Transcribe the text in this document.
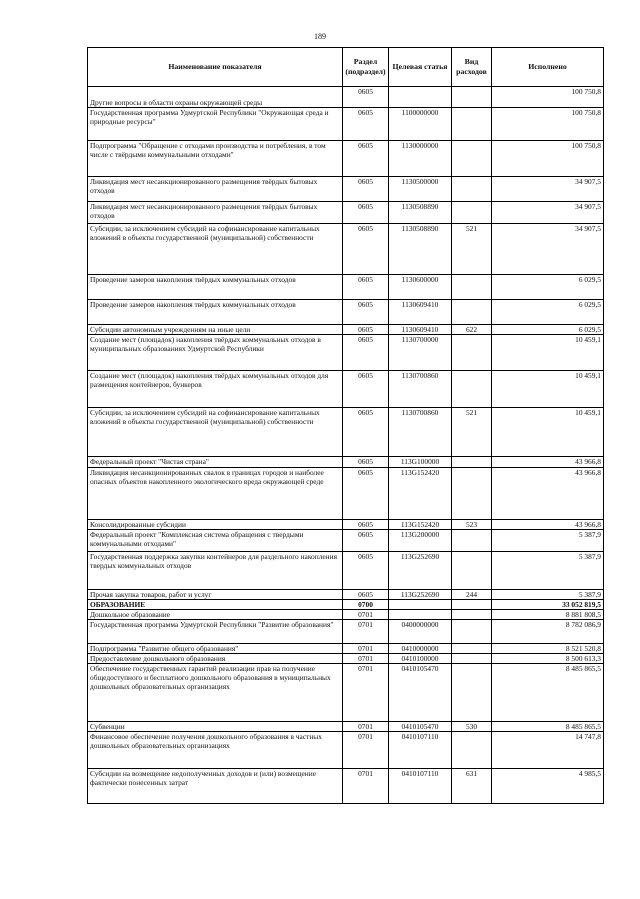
189
Наименование показателя	Раздел (подраздел)	Целевая статья	Вид расходов	Исполнено
Другие вопросы в области охраны окружающей среды	0605			100 750,8
Государственная программа Удмуртской Республики "Окружающая среда и природные ресурсы"	0605	1100000000		100 750,8
Подпрограмма "Обращение с отходами производства и потребления, в том числе с твёрдыми коммунальными отходами"	0605	1130000000		100 750,8
Ликвидация мест несанкционированного размещения твёрдых бытовых отходов	0605	1130500000		34 907,5
Ликвидация мест несанкционированного размещения твёрдых бытовых отходов	0605	1130508890		34 907,5
Субсидии, за исключением субсидий на софинансирование капитальных вложений в объекты государственной (муниципальной) собственности	0605	1130508890	521	34 907,5
Проведение замеров накопления твёрдых коммунальных отходов	0605	1130600000		6 029,5
Проведение замеров накопления твёрдых коммунальных отходов	0605	1130609410		6 029,5
Субсидии автономным учреждениям на иные цели	0605	1130609410	622	6 029,5
Создание мест (площадок) накопления твёрдых коммунальных отходов в муниципальных образованиях Удмуртской Республики	0605	1130700000		10 459,1
Создание мест (площадок) накопления твёрдых коммунальных отходов для размещения контейнеров, бункеров	0605	1130700860		10 459,1
Субсидии, за исключением субсидий на софинансирование капитальных вложений в объекты государственной (муниципальной) собственности	0605	1130700860	521	10 459,1
Федеральный проект "Чистая страна"	0605	113G100000		43 966,8
Ликвидация несанкционированных свалок в границах городов и наиболее опасных объектов накопленного экологического вреда окружающей среде	0605	113G152420		43 966,8
Консолидированные субсидии	0605	113G152420	523	43 966,8
Федеральный проект "Комплексная система обращения с твердыми коммунальными отходами"	0605	113G200000		5 387,9
Государственная поддержка закупки контейнеров для раздельного накопления твердых коммунальных отходов	0605	113G252690		5 387,9
Прочая закупка товаров, работ и услуг	0605	113G252690	244	5 387,9
ОБРАЗОВАНИЕ	0700			33 052 819,5
Дошкольное образование	0701			8 881 808,5
Государственная программа Удмуртской Республики "Развитие образования"	0701	0400000000		8 782 086,9
Подпрограмма "Развитие общего образования"	0701	0410000000		8 521 520,8
Предоставление дошкольного образования	0701	0410100000		8 500 613,3
Обеспечение государственных гарантий реализации прав на получение общедоступного и бесплатного дошкольного образования в муниципальных дошкольных образовательных организациях	0701	0410105470		8 485 865,5
Субвенции	0701	0410105470	530	8 485 865,5
Финансовое обеспечение получения дошкольного образования в частных дошкольных образовательных организациях	0701	0410107110		14 747,8
Субсидии на возмещение недополученных доходов и (или) возмещение фактически понесенных затрат	0701	0410107110	631	4 985,5
